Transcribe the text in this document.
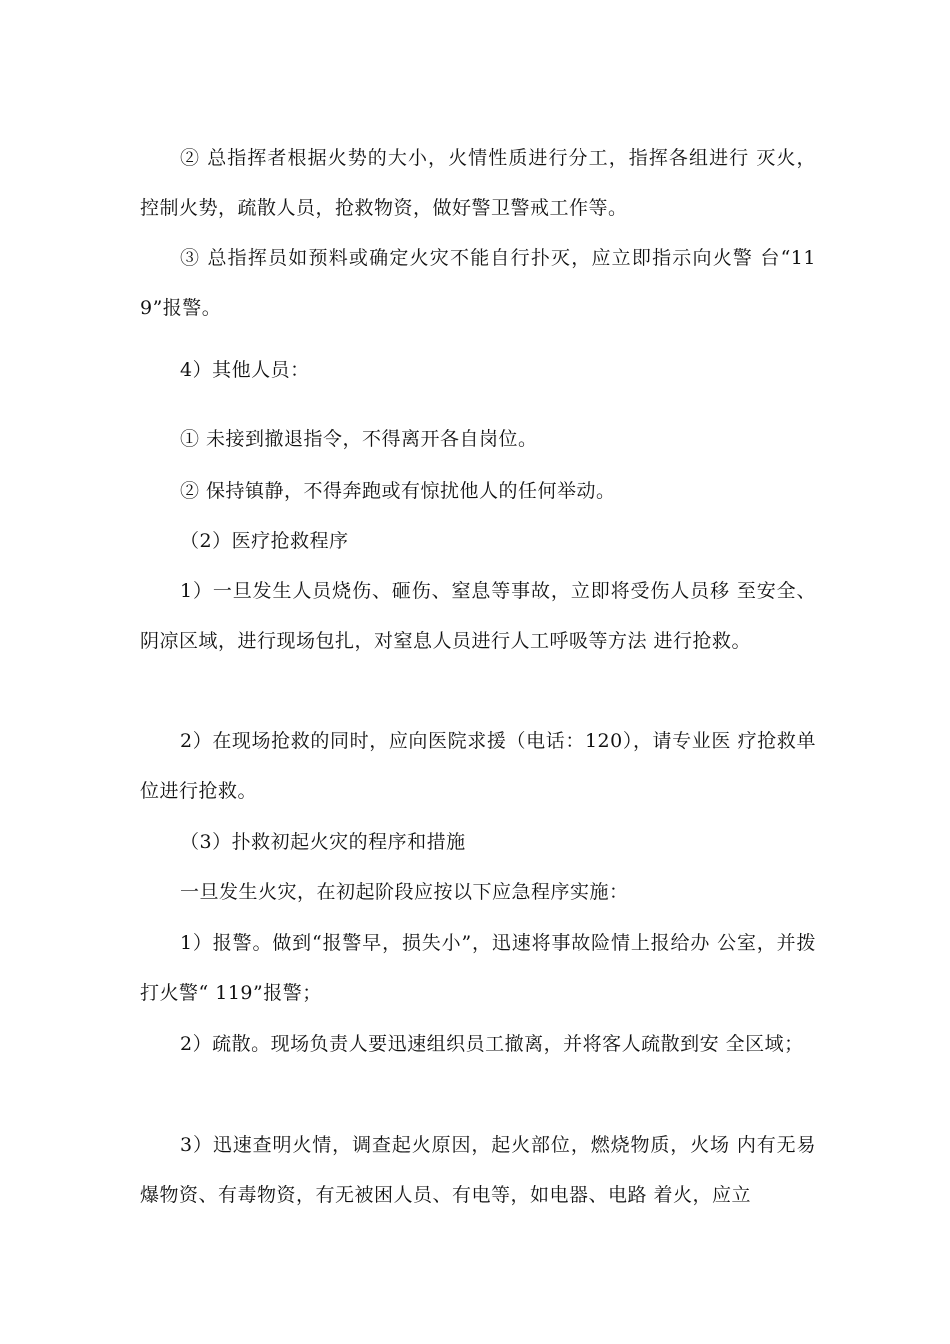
② 总指挥者根据火势的大小，火情性质进行分工，指挥各组进行 灭火，控制火势，疏散人员，抢救物资，做好警卫警戒工作等。

③ 总指挥员如预料或确定火灾不能自行扑灭，应立即指示向火警 台“119”报警。

4）其他人员：

① 未接到撤退指令，不得离开各自岗位。

② 保持镇静，不得奔跑或有惊扰他人的任何举动。

（2）医疗抢救程序

1）一旦发生人员烧伤、砸伤、窒息等事故，立即将受伤人员移 至安全、阴凉区域，进行现场包扎，对窒息人员进行人工呼吸等方法 进行抢救。

2）在现场抢救的同时，应向医院求援（电话：120），请专业医 疗抢救单位进行抢救。

（3）扑救初起火灾的程序和措施

一旦发生火灾，在初起阶段应按以下应急程序实施：

1）报警。做到“报警早，损失小”，迅速将事故险情上报给办 公室，并拨打火警“ 119”报警；

2）疏散。现场负责人要迅速组织员工撤离，并将客人疏散到安 全区域；

3）迅速查明火情，调查起火原因，起火部位，燃烧物质，火场 内有无易爆物资、有毒物资，有无被困人员、有电等，如电器、电路 着火，应立
